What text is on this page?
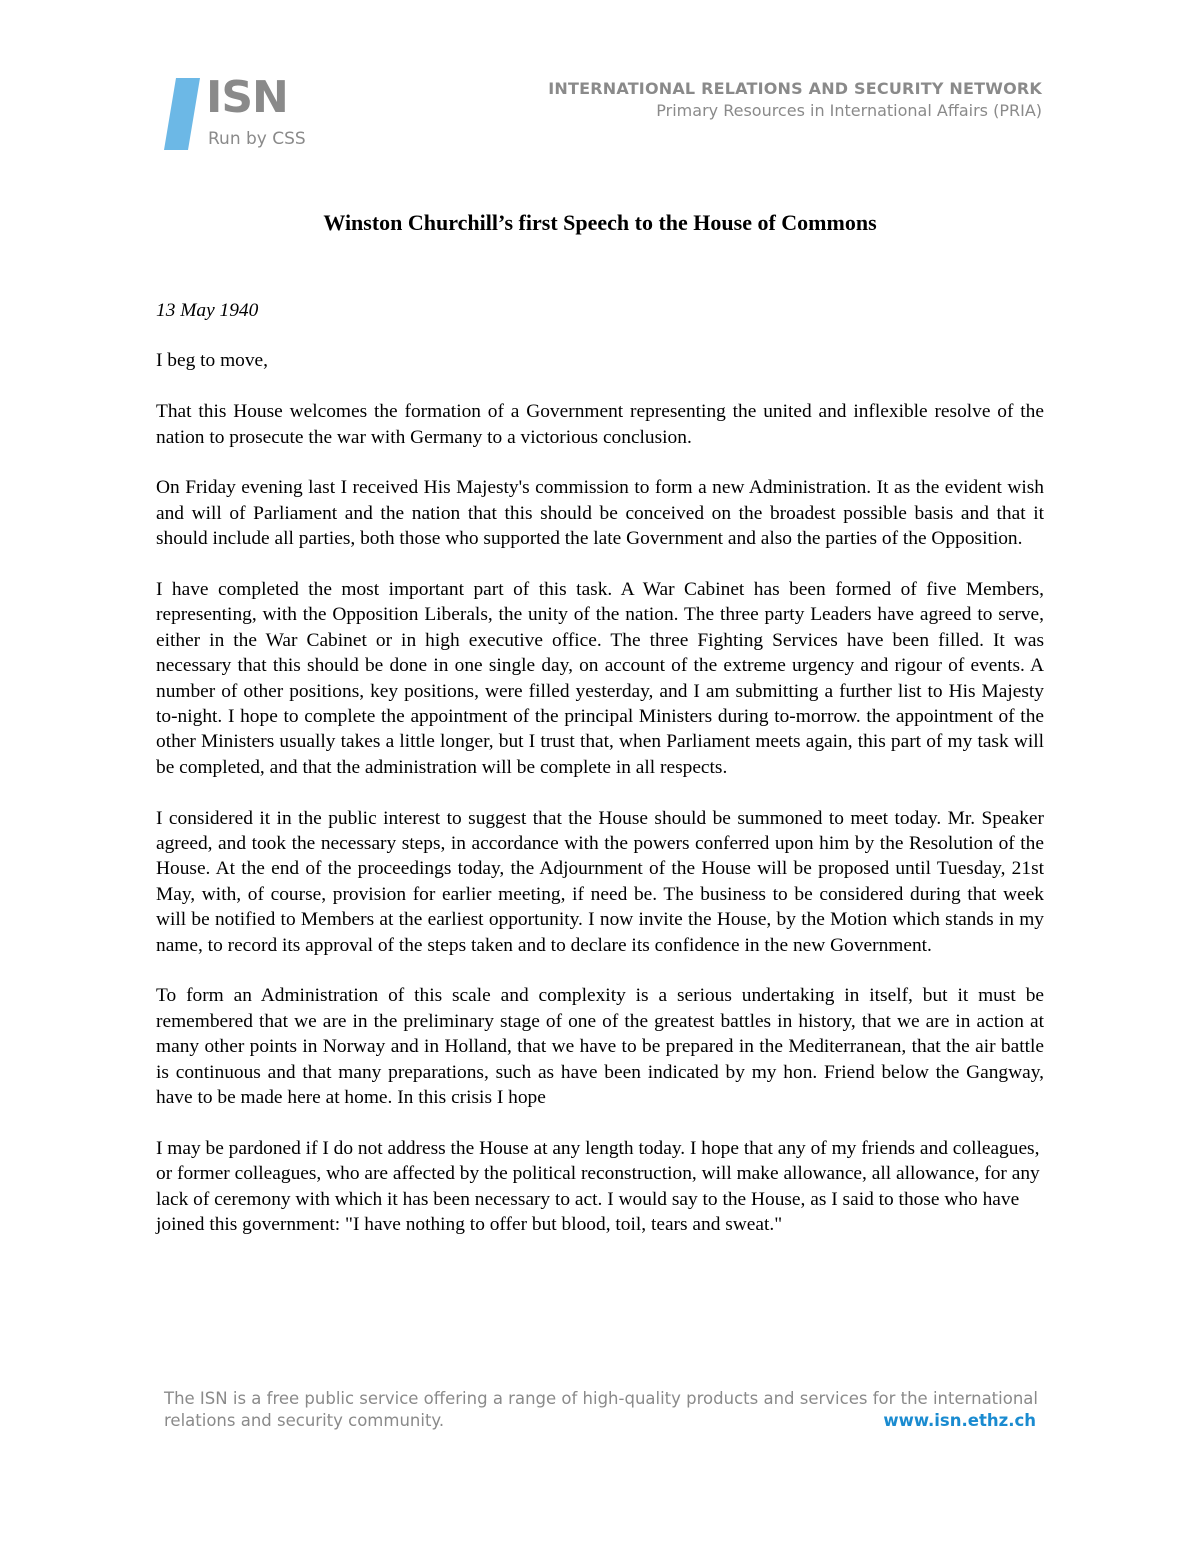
ISN
Run by CSS
INTERNATIONAL RELATIONS AND SECURITY NETWORK
Primary Resources in International Affairs (PRIA)
Winston Churchill’s first Speech to the House of Commons
13 May 1940

I beg to move,

That this House welcomes the formation of a Government representing the united and inflexible resolve of the nation to prosecute the war with Germany to a victorious conclusion.

On Friday evening last I received His Majesty's commission to form a new Administration. It as the evident wish and will of Parliament and the nation that this should be conceived on the broadest possible basis and that it should include all parties, both those who supported the late Government and also the parties of the Opposition.

I have completed the most important part of this task. A War Cabinet has been formed of five Members, representing, with the Opposition Liberals, the unity of the nation. The three party Leaders have agreed to serve, either in the War Cabinet or in high executive office. The three Fighting Services have been filled. It was necessary that this should be done in one single day, on account of the extreme urgency and rigour of events. A number of other positions, key positions, were filled yesterday, and I am submitting a further list to His Majesty to-night. I hope to complete the appointment of the principal Ministers during to-morrow. the appointment of the other Ministers usually takes a little longer, but I trust that, when Parliament meets again, this part of my task will be completed, and that the administration will be complete in all respects.

I considered it in the public interest to suggest that the House should be summoned to meet today. Mr. Speaker agreed, and took the necessary steps, in accordance with the powers conferred upon him by the Resolution of the House. At the end of the proceedings today, the Adjournment of the House will be proposed until Tuesday, 21st May, with, of course, provision for earlier meeting, if need be. The business to be considered during that week will be notified to Members at the earliest opportunity. I now invite the House, by the Motion which stands in my name, to record its approval of the steps taken and to declare its confidence in the new Government.

To form an Administration of this scale and complexity is a serious undertaking in itself, but it must be remembered that we are in the preliminary stage of one of the greatest battles in history, that we are in action at many other points in Norway and in Holland, that we have to be prepared in the Mediterranean, that the air battle is continuous and that many preparations, such as have been indicated by my hon. Friend below the Gangway, have to be made here at home. In this crisis I hope

I may be pardoned if I do not address the House at any length today. I hope that any of my friends and colleagues, or former colleagues, who are affected by the political reconstruction, will make allowance, all allowance, for any lack of ceremony with which it has been necessary to act. I would say to the House, as I said to those who have joined this government: "I have nothing to offer but blood, toil, tears and sweat."

The ISN is a free public service offering a range of high-quality products and services for the international relations and security community.	www.isn.ethz.ch
